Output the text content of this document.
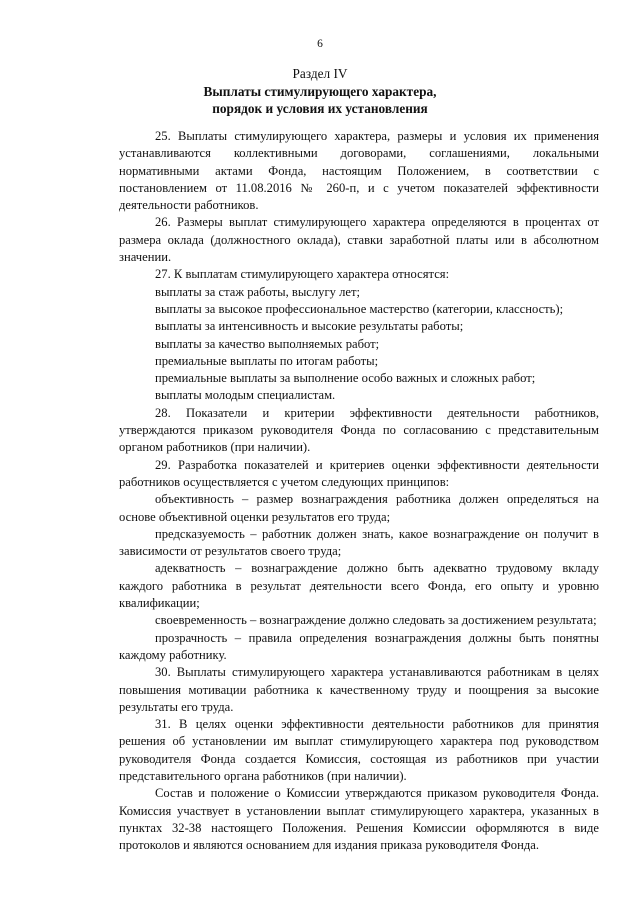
6
Раздел IV
Выплаты стимулирующего характера,
порядок и условия их установления

25. Выплаты стимулирующего характера, размеры и условия их применения устанавливаются коллективными договорами, соглашениями, локальными нормативными актами Фонда, настоящим Положением, в соответствии с постановлением от 11.08.2016 № 260-п, и с учетом показателей эффективности деятельности работников.

26. Размеры выплат стимулирующего характера определяются в процентах от размера оклада (должностного оклада), ставки заработной платы или в абсолютном значении.

27. К выплатам стимулирующего характера относятся:

выплаты за стаж работы, выслугу лет;

выплаты за высокое профессиональное мастерство (категории, классность);

выплаты за интенсивность и высокие результаты работы;

выплаты за качество выполняемых работ;

премиальные выплаты по итогам работы;

премиальные выплаты за выполнение особо важных и сложных работ;

выплаты молодым специалистам.

28. Показатели и критерии эффективности деятельности работников, утверждаются приказом руководителя Фонда по согласованию с представительным органом работников (при наличии).

29. Разработка показателей и критериев оценки эффективности деятельности работников осуществляется с учетом следующих принципов:

объективность – размер вознаграждения работника должен определяться на основе объективной оценки результатов его труда;

предсказуемость – работник должен знать, какое вознаграждение он получит в зависимости от результатов своего труда;

адекватность – вознаграждение должно быть адекватно трудовому вкладу каждого работника в результат деятельности всего Фонда, его опыту и уровню квалификации;

своевременность – вознаграждение должно следовать за достижением результата;

прозрачность – правила определения вознаграждения должны быть понятны каждому работнику.

30. Выплаты стимулирующего характера устанавливаются работникам в целях повышения мотивации работника к качественному труду и поощрения за высокие результаты его труда.

31. В целях оценки эффективности деятельности работников для принятия решения об установлении им выплат стимулирующего характера под руководством руководителя Фонда создается Комиссия, состоящая из работников при участии представительного органа работников (при наличии).

Состав и положение о Комиссии утверждаются приказом руководителя Фонда. Комиссия участвует в установлении выплат стимулирующего характера, указанных в пунктах 32-38 настоящего Положения. Решения Комиссии оформляются в виде протоколов и являются основанием для издания приказа руководителя Фонда.
